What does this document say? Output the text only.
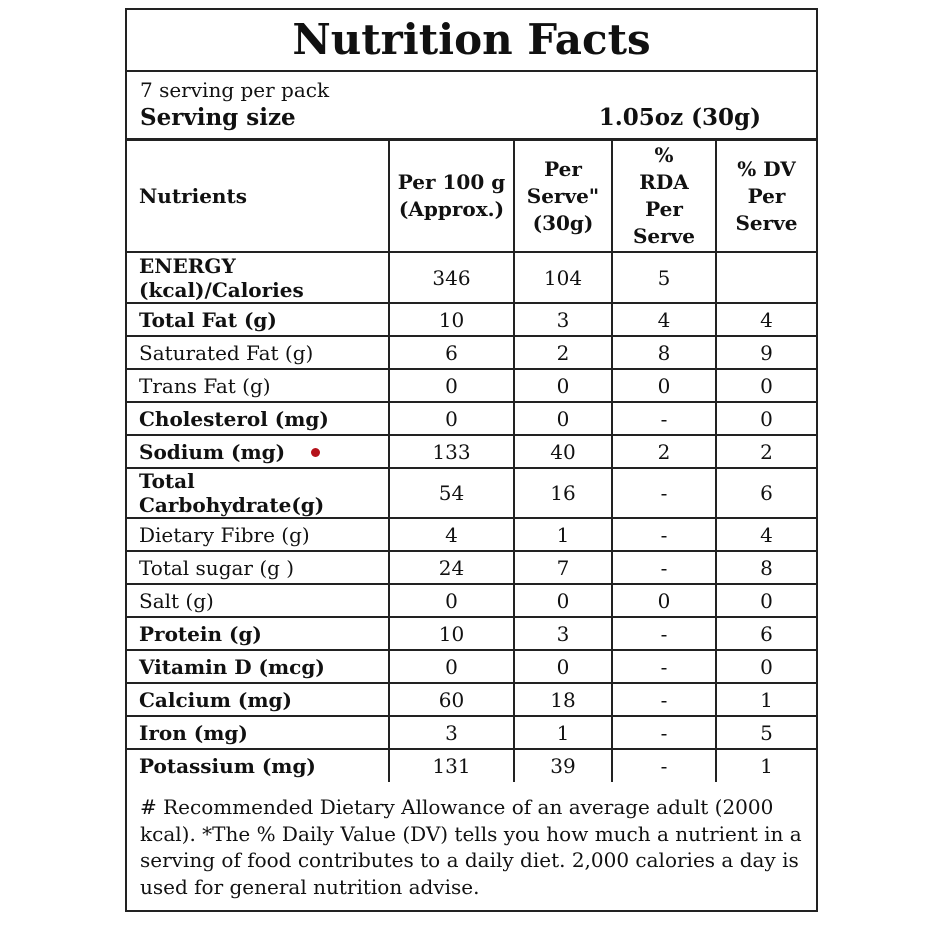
Nutrition Facts
7 serving per pack
Serving size	1.05oz (30g)
Nutrients	Per 100 g (Approx.)	Per Serve" (30g)	% RDA Per Serve	% DV Per Serve
ENERGY (kcal)/Calories	346	104	5	
Total Fat (g)	10	3	4	4
Saturated Fat (g)	6	2	8	9
Trans Fat (g)	0	0	0	0
Cholesterol (mg)	0	0	-	0
Sodium (mg)	133	40	2	2
Total Carbohydrate(g)	54	16	-	6
Dietary Fibre (g)	4	1	-	4
Total sugar (g )	24	7	-	8
Salt (g)	0	0	0	0
Protein (g)	10	3	-	6
Vitamin D (mcg)	0	0	-	0
Calcium (mg)	60	18	-	1
Iron (mg)	3	1	-	5
Potassium (mg)	131	39	-	1

# Recommended Dietary Allowance of an average adult (2000 kcal). *The % Daily Value (DV) tells you how much a nutrient in a serving of food contributes to a daily diet. 2,000 calories a day is used for general nutrition advise.
